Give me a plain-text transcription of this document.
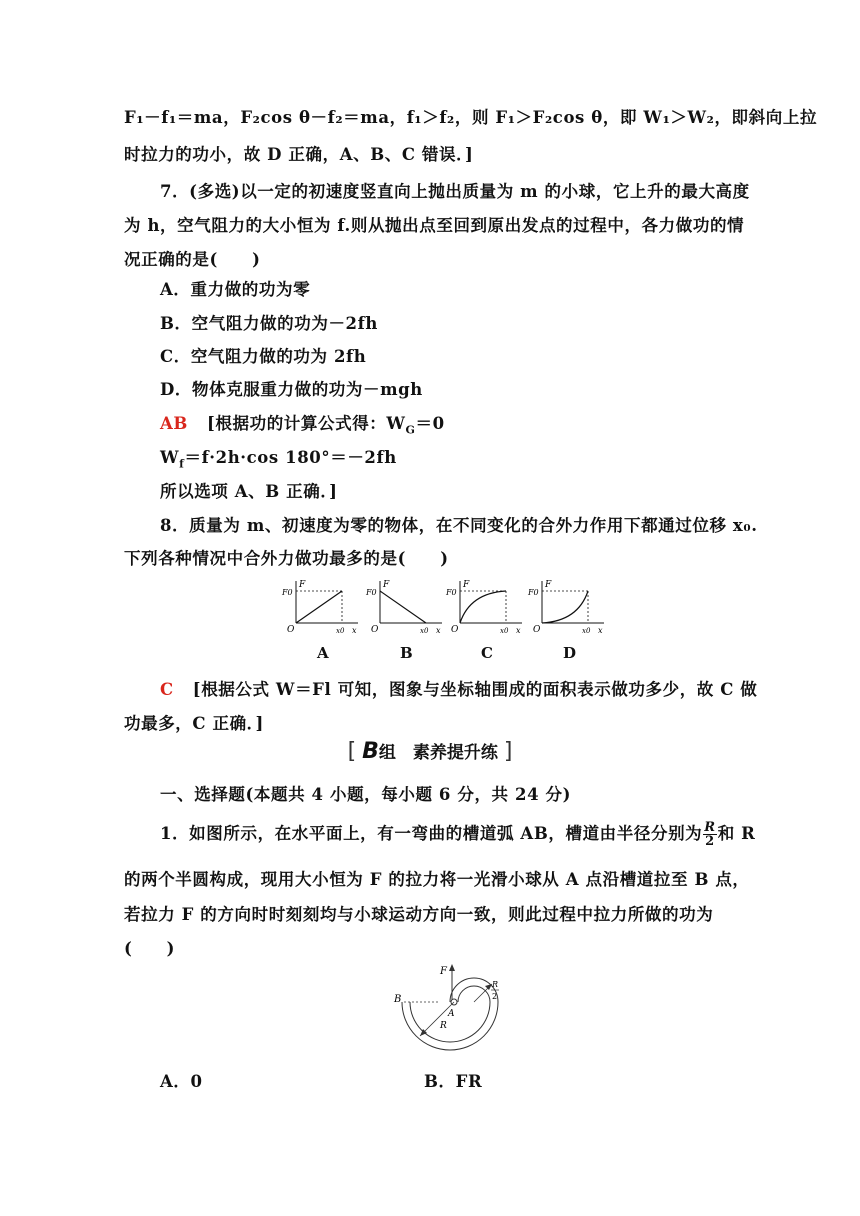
F₁－f₁＝ma，F₂cos θ－f₂＝ma，f₁＞f₂，则 F₁＞F₂cos θ，即 W₁＞W₂，即斜向上拉
时拉力的功小，故 D 正确，A、B、C 错误．]
7．(多选)以一定的初速度竖直向上抛出质量为 m 的小球，它上升的最大高度
为 h，空气阻力的大小恒为 f.则从抛出点至回到原出发点的过程中，各力做功的情
况正确的是(　　)
A．重力做的功为零
B．空气阻力做的功为－2fh
C．空气阻力做的功为 2fh
D．物体克服重力做的功为－mgh
AB [根据功的计算公式得：$W_G=0$
$W_f=f\cdot 2h\cdot\cos$ 180°＝－2fh
所以选项 A、B 正确．]
8．质量为 m、初速度为零的物体，在不同变化的合外力作用下都通过位移 x₀.
下列各种情况中合外力做功最多的是(　　)
F
F0
O	x0 x
F
F0
O	x0 x
F
F0
O	x0 x
F
F0
O	x0 x
A	B	C	D
C [根据公式 W＝Fl 可知，图象与坐标轴围成的面积表示做功多少，故 C 做
功最多，C 正确．]
[ B组　素养提升练 ]
一、选择题(本题共 4 小题，每小题 6 分，共 24 分)
1．如图所示，在水平面上，有一弯曲的槽道弧 AB，槽道由半径分别为 $\frac{R}{2}$ 和 R
的两个半圆构成，现用大小恒为 F 的拉力将一光滑小球从 A 点沿槽道拉至 B 点，
若拉力 F 的方向时时刻刻均与小球运动方向一致，则此过程中拉力所做的功为
(　　)
F
B
A
R
R
2
A．0	B．FR
